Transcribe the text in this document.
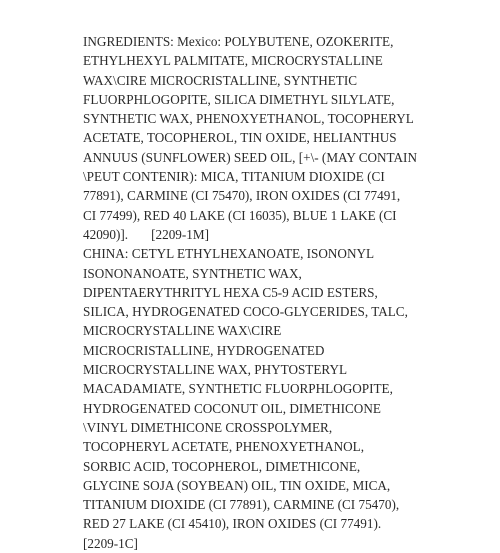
INGREDIENTS: Mexico: POLYBUTENE, OZOKERITE,
ETHYLHEXYL PALMITATE, MICROCRYSTALLINE
WAX\CIRE MICROCRISTALLINE, SYNTHETIC
FLUORPHLOGOPITE, SILICA DIMETHYL SILYLATE,
SYNTHETIC WAX, PHENOXYETHANOL, TOCOPHERYL
ACETATE, TOCOPHEROL, TIN OXIDE, HELIANTHUS
ANNUUS (SUNFLOWER) SEED OIL, [+\- (MAY CONTAIN
\PEUT CONTENIR): MICA, TITANIUM DIOXIDE (CI
77891), CARMINE (CI 75470), IRON OXIDES (CI 77491,
CI 77499), RED 40 LAKE (CI 16035), BLUE 1 LAKE (CI
42090)].       [2209-1M]
CHINA: CETYL ETHYLHEXANOATE, ISONONYL
ISONONANOATE, SYNTHETIC WAX,
DIPENTAERYTHRITYL HEXA C5-9 ACID ESTERS,
SILICA, HYDROGENATED COCO-GLYCERIDES, TALC,
MICROCRYSTALLINE WAX\CIRE
MICROCRISTALLINE, HYDROGENATED
MICROCRYSTALLINE WAX, PHYTOSTERYL
MACADAMIATE, SYNTHETIC FLUORPHLOGOPITE,
HYDROGENATED COCONUT OIL, DIMETHICONE
\VINYL DIMETHICONE CROSSPOLYMER,
TOCOPHERYL ACETATE, PHENOXYETHANOL,
SORBIC ACID, TOCOPHEROL, DIMETHICONE,
GLYCINE SOJA (SOYBEAN) OIL, TIN OXIDE, MICA,
TITANIUM DIOXIDE (CI 77891), CARMINE (CI 75470),
RED 27 LAKE (CI 45410), IRON OXIDES (CI 77491).
[2209-1C]
